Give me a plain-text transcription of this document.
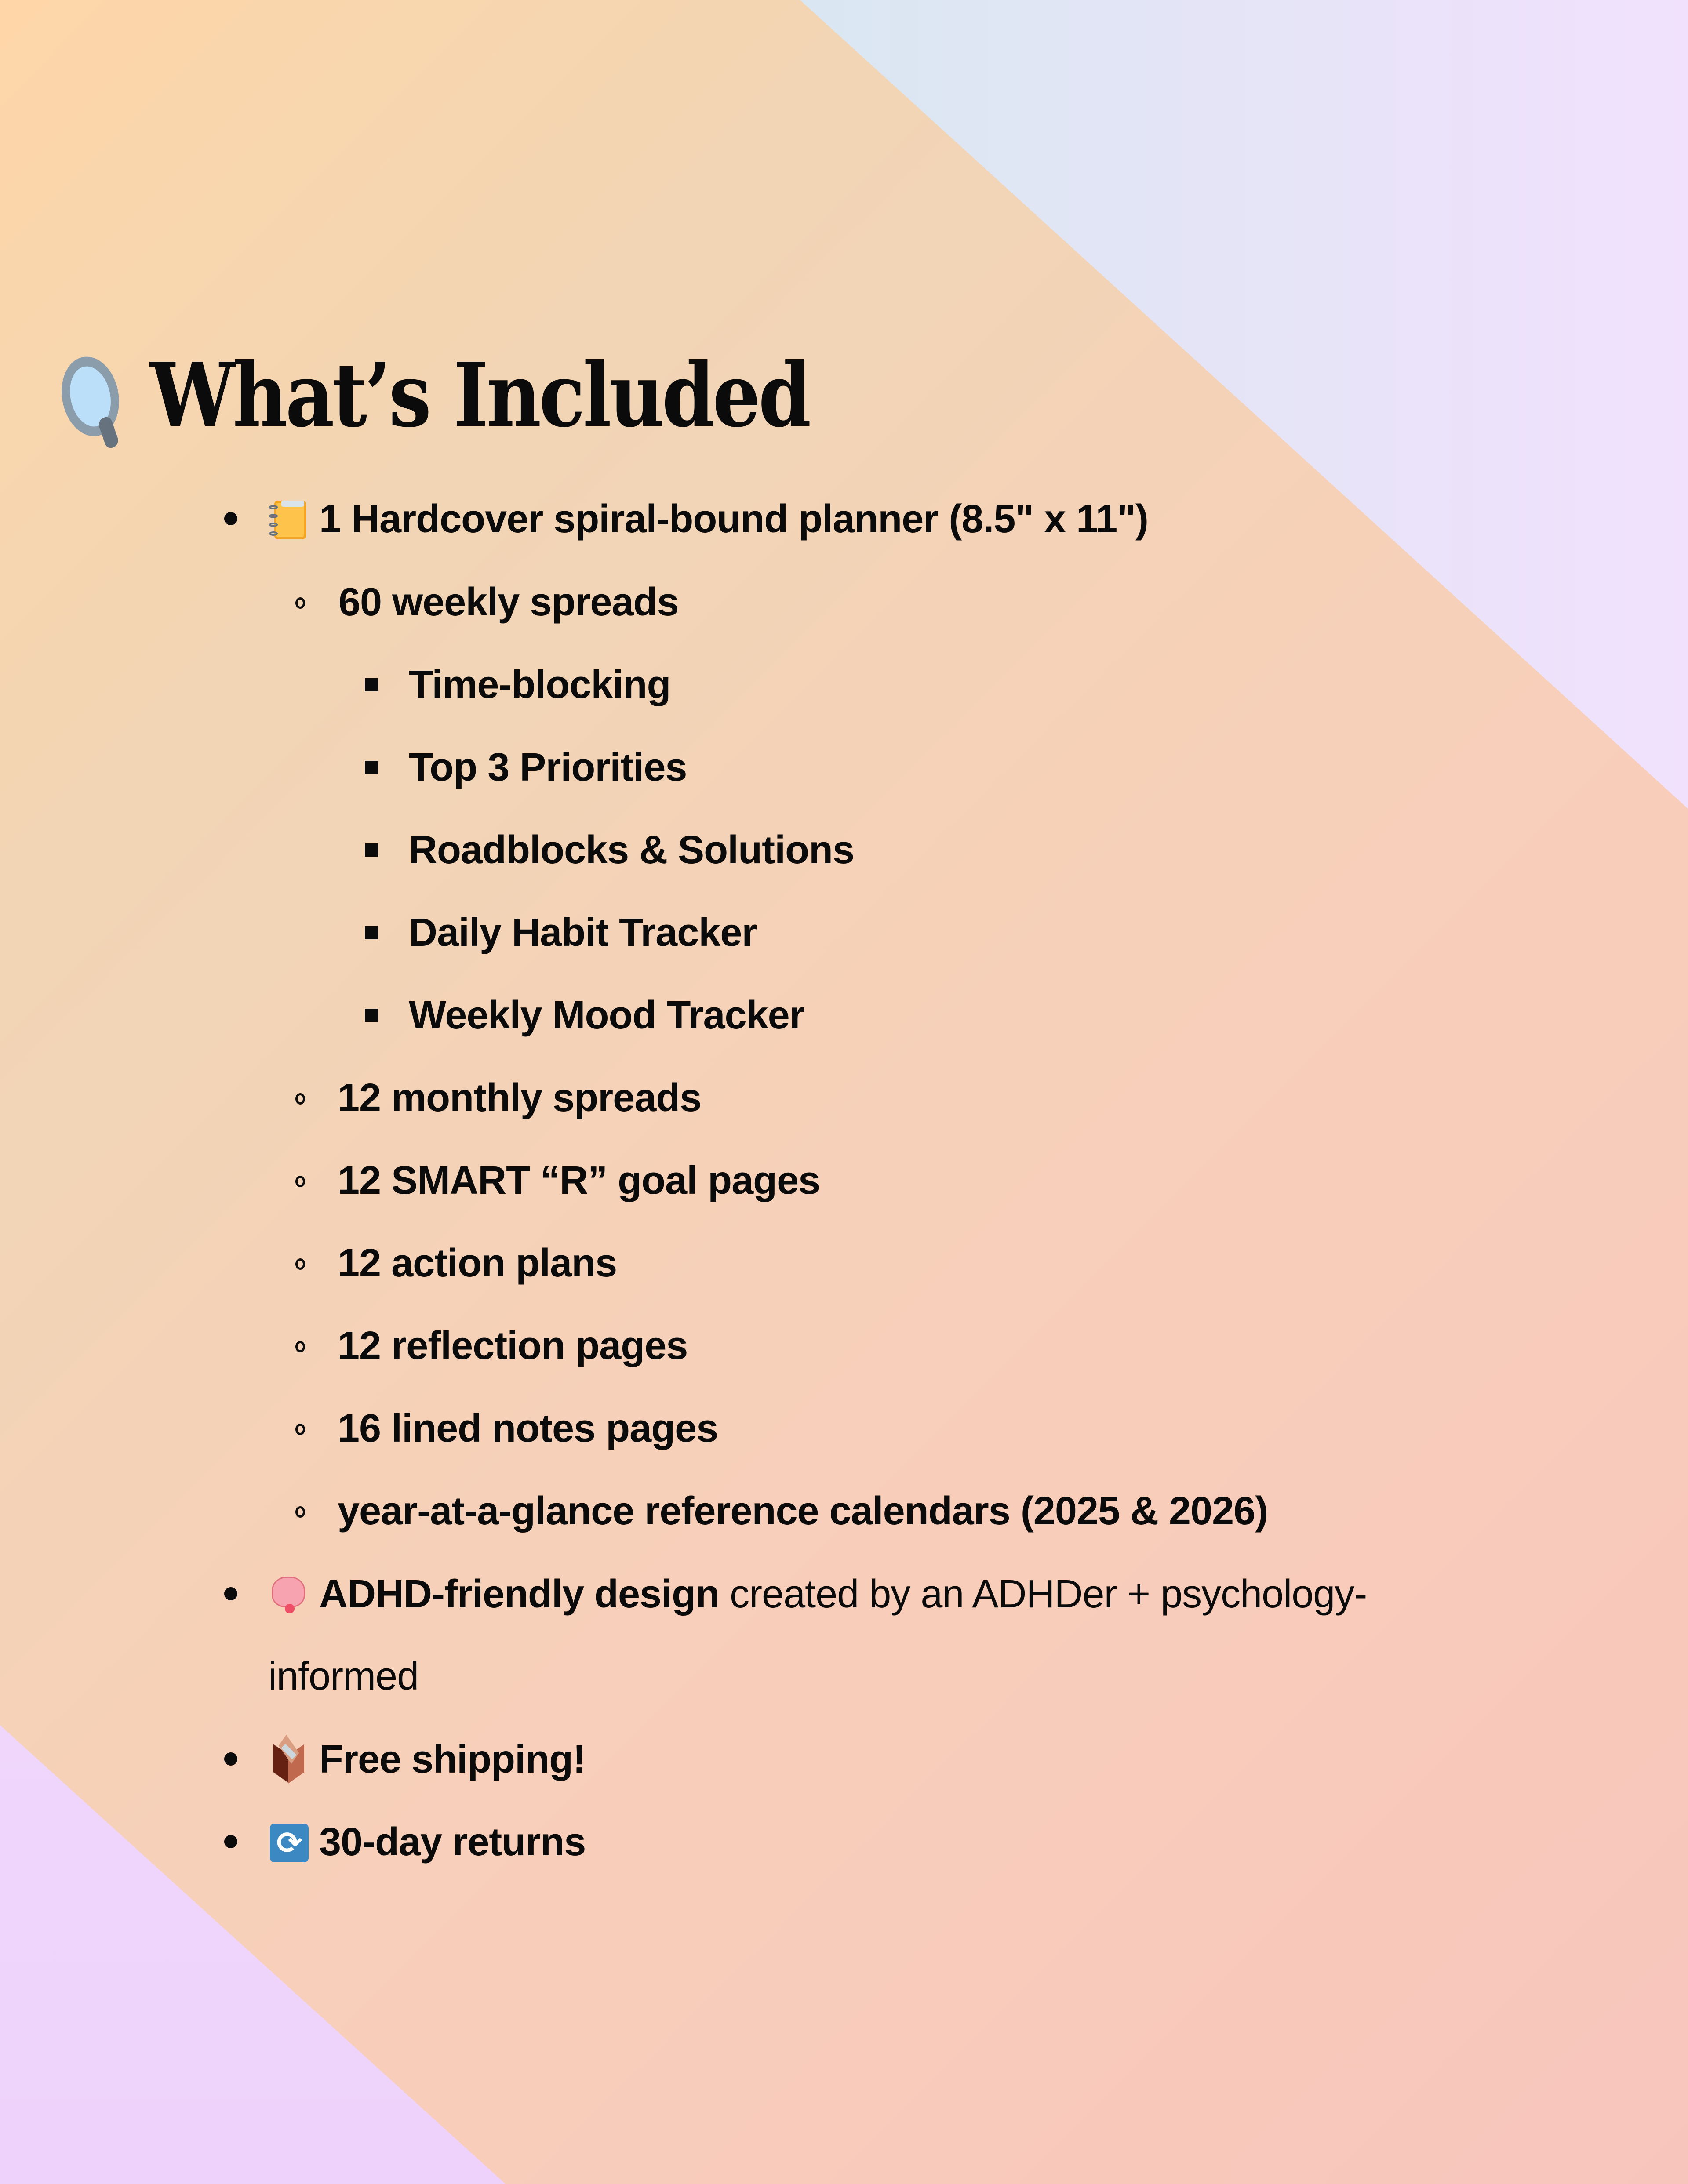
What’s Included
1 Hardcover spiral-bound planner (8.5" x 11")
60 weekly spreads
Time-blocking
Top 3 Priorities
Roadblocks & Solutions
Daily Habit Tracker
Weekly Mood Tracker
12 monthly spreads
12 SMART “R” goal pages
12 action plans
12 reflection pages
16 lined notes pages
year-at-a-glance reference calendars (2025 & 2026)
ADHD-friendly design created by an ADHDer + psychology-
informed
Free shipping!
⟳ 30-day returns
